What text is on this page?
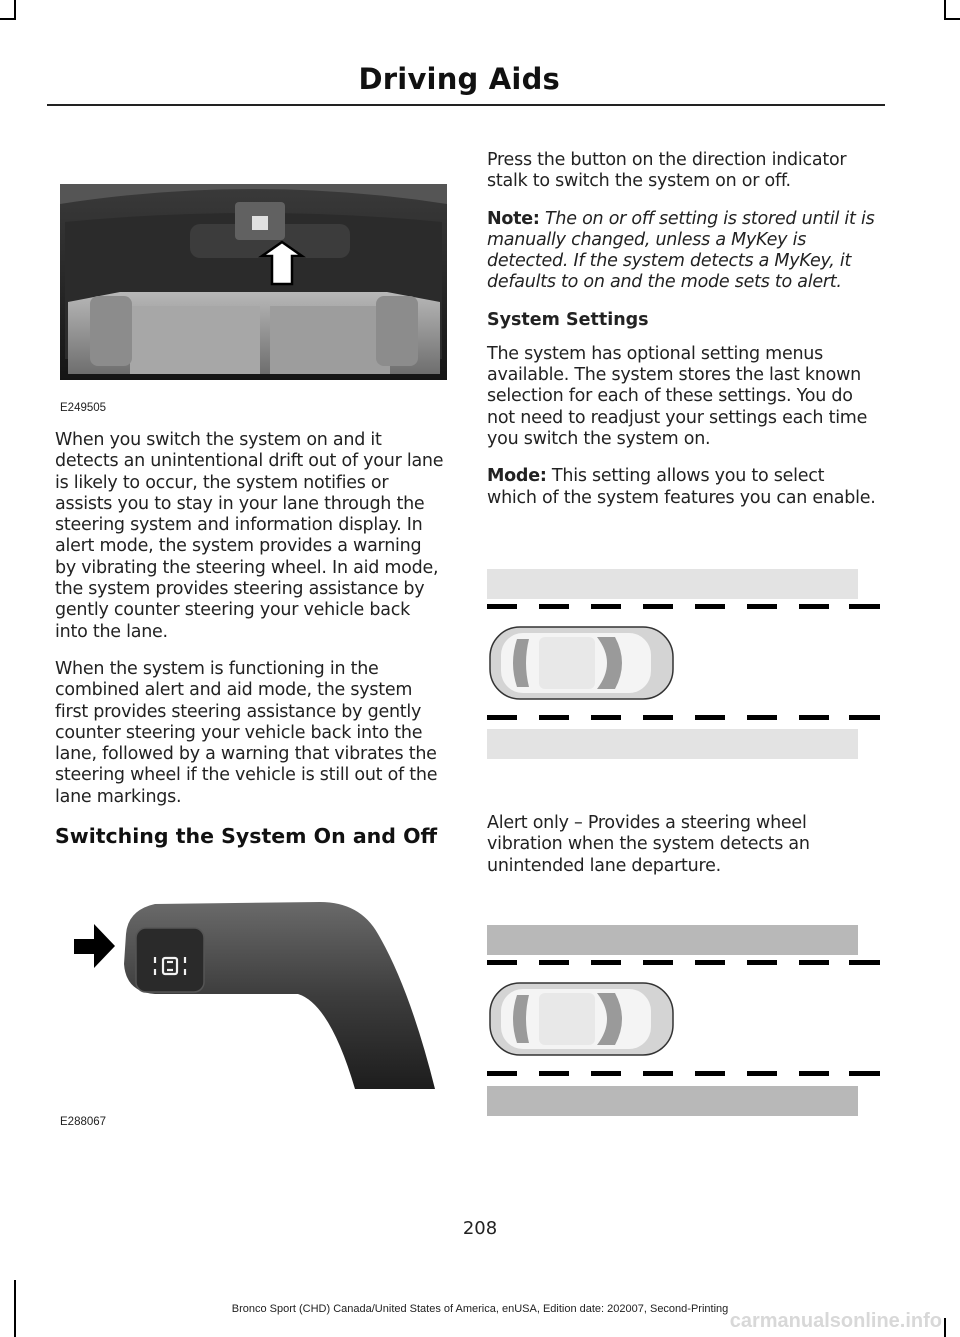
Driving Aids
E249505

When you switch the system on and it detects an unintentional drift out of your lane is likely to occur, the system notifies or assists you to stay in your lane through the steering system and information display. In alert mode, the system provides a warning by vibrating the steering wheel. In aid mode, the system provides steering assistance by gently counter steering your vehicle back into the lane.

When the system is functioning in the combined alert and aid mode, the system first provides steering assistance by gently counter steering your vehicle back into the lane, followed by a warning that vibrates the steering wheel if the vehicle is still out of the lane markings.

Switching the System On and Off
E288067

Press the button on the direction indicator stalk to switch the system on or off.

Note: The on or off setting is stored until it is manually changed, unless a MyKey is detected. If the system detects a MyKey, it defaults to on and the mode sets to alert.

System Settings

The system has optional setting menus available. The system stores the last known selection for each of these settings. You do not need to readjust your settings each time you switch the system on.

Mode: This setting allows you to select which of the system features you can enable.

Alert only – Provides a steering wheel vibration when the system detects an unintended lane departure.

208
Bronco Sport (CHD) Canada/United States of America, enUSA, Edition date: 202007, Second-Printing
carmanualsonline.info
